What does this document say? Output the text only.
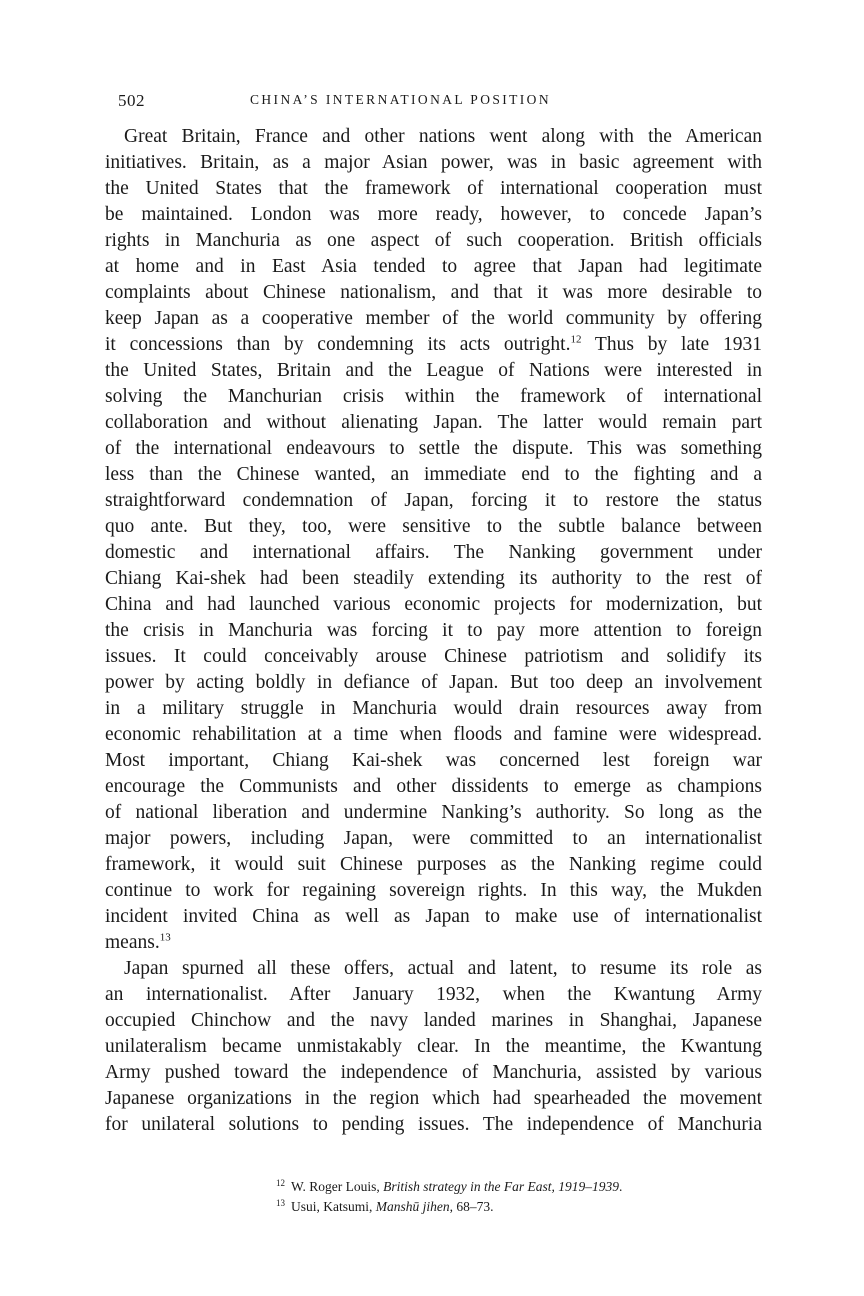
502	CHINA’S INTERNATIONAL POSITION
Great Britain, France and other nations went along with the American
initiatives. Britain, as a major Asian power, was in basic agreement with
the United States that the framework of international cooperation must
be maintained. London was more ready, however, to concede Japan’s
rights in Manchuria as one aspect of such cooperation. British officials
at home and in East Asia tended to agree that Japan had legitimate
complaints about Chinese nationalism, and that it was more desirable to
keep Japan as a cooperative member of the world community by offering
it concessions than by condemning its acts outright.$^{12}$ Thus by late 1931
the United States, Britain and the League of Nations were interested in
solving the Manchurian crisis within the framework of international
collaboration and without alienating Japan. The latter would remain part
of the international endeavours to settle the dispute. This was something
less than the Chinese wanted, an immediate end to the fighting and a
straightforward condemnation of Japan, forcing it to restore the status
quo ante. But they, too, were sensitive to the subtle balance between
domestic and international affairs. The Nanking government under
Chiang Kai-shek had been steadily extending its authority to the rest of
China and had launched various economic projects for modernization, but
the crisis in Manchuria was forcing it to pay more attention to foreign
issues. It could conceivably arouse Chinese patriotism and solidify its
power by acting boldly in defiance of Japan. But too deep an involvement
in a military struggle in Manchuria would drain resources away from
economic rehabilitation at a time when floods and famine were widespread.
Most important, Chiang Kai-shek was concerned lest foreign war
encourage the Communists and other dissidents to emerge as champions
of national liberation and undermine Nanking’s authority. So long as the
major powers, including Japan, were committed to an internationalist
framework, it would suit Chinese purposes as the Nanking regime could
continue to work for regaining sovereign rights. In this way, the Mukden
incident invited China as well as Japan to make use of internationalist
means.$^{13}$
Japan spurned all these offers, actual and latent, to resume its role as
an internationalist. After January 1932, when the Kwantung Army
occupied Chinchow and the navy landed marines in Shanghai, Japanese
unilateralism became unmistakably clear. In the meantime, the Kwantung
Army pushed toward the independence of Manchuria, assisted by various
Japanese organizations in the region which had spearheaded the movement
for unilateral solutions to pending issues. The independence of Manchuria
$^{12}$ W. Roger Louis, British strategy in the Far East, 1919–1939.
$^{13}$ Usui, Katsumi, Manshū jihen, 68–73.
